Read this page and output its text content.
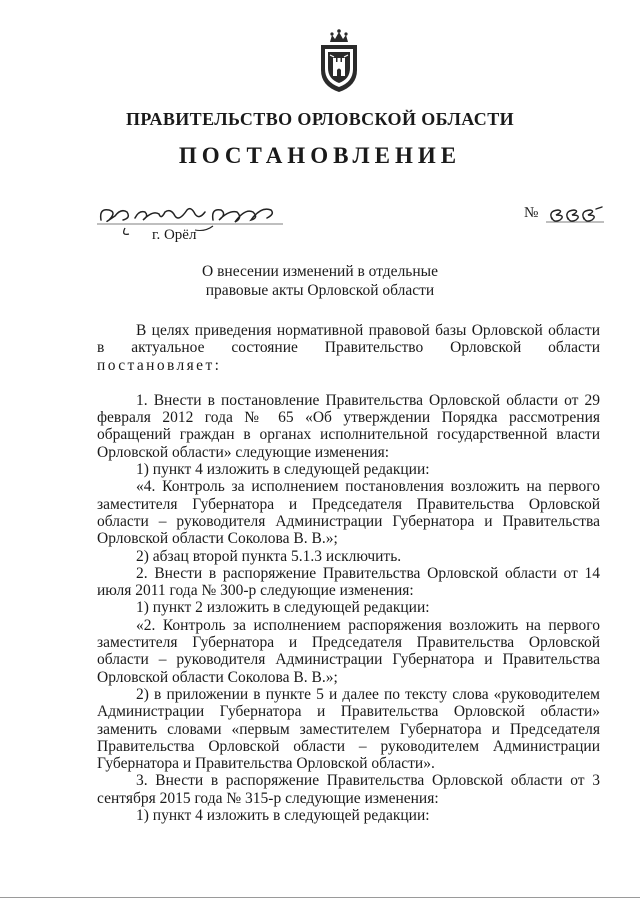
ПРАВИТЕЛЬСТВО ОРЛОВСКОЙ ОБЛАСТИ
ПОСТАНОВЛЕНИЕ
№
г. Орёл
О внесении изменений в отдельные
правовые акты Орловской области

В целях приведения нормативной правовой базы Орловской области в актуальное состояние Правительство Орловской области постановляет:

1. Внести в постановление Правительства Орловской области от 29 февраля 2012 года № 65 «Об утверждении Порядка рассмотрения обращений граждан в органах исполнительной государственной власти Орловской области» следующие изменения:

1) пункт 4 изложить в следующей редакции:

«4. Контроль за исполнением постановления возложить на первого заместителя Губернатора и Председателя Правительства Орловской области – руководителя Администрации Губернатора и Правительства Орловской области Соколова В. В.»;

2) абзац второй пункта 5.1.3 исключить.

2. Внести в распоряжение Правительства Орловской области от 14 июля 2011 года № 300-р следующие изменения:

1) пункт 2 изложить в следующей редакции:

«2. Контроль за исполнением распоряжения возложить на первого заместителя Губернатора и Председателя Правительства Орловской области – руководителя Администрации Губернатора и Правительства Орловской области Соколова В. В.»;

2) в приложении в пункте 5 и далее по тексту слова «руководителем Администрации Губернатора и Правительства Орловской области» заменить словами «первым заместителем Губернатора и Председателя Правительства Орловской области – руководителем Администрации Губернатора и Правительства Орловской области».

3. Внести в распоряжение Правительства Орловской области от 3 сентября 2015 года № 315-р следующие изменения:

1) пункт 4 изложить в следующей редакции:
